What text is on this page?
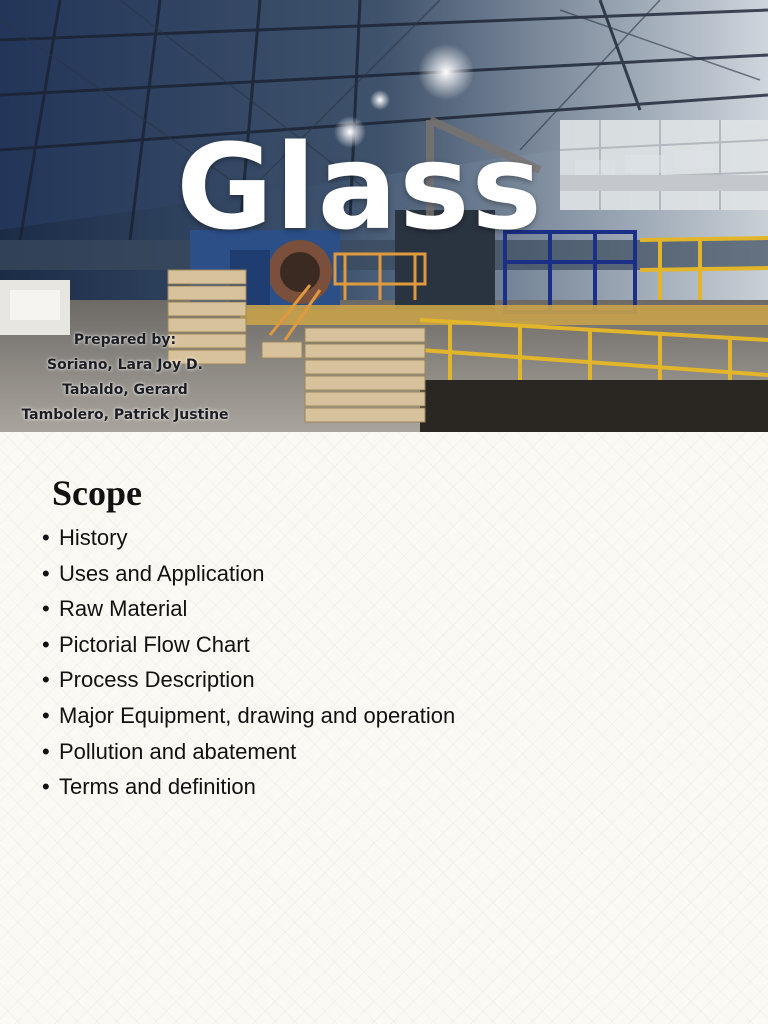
Glass
Prepared by:
Soriano, Lara Joy D.
Tabaldo, Gerard
Tambolero, Patrick Justine
Scope
• History
• Uses and Application
• Raw Material
• Pictorial Flow Chart
• Process Description
• Major Equipment, drawing and operation
• Pollution and abatement
• Terms and definition
